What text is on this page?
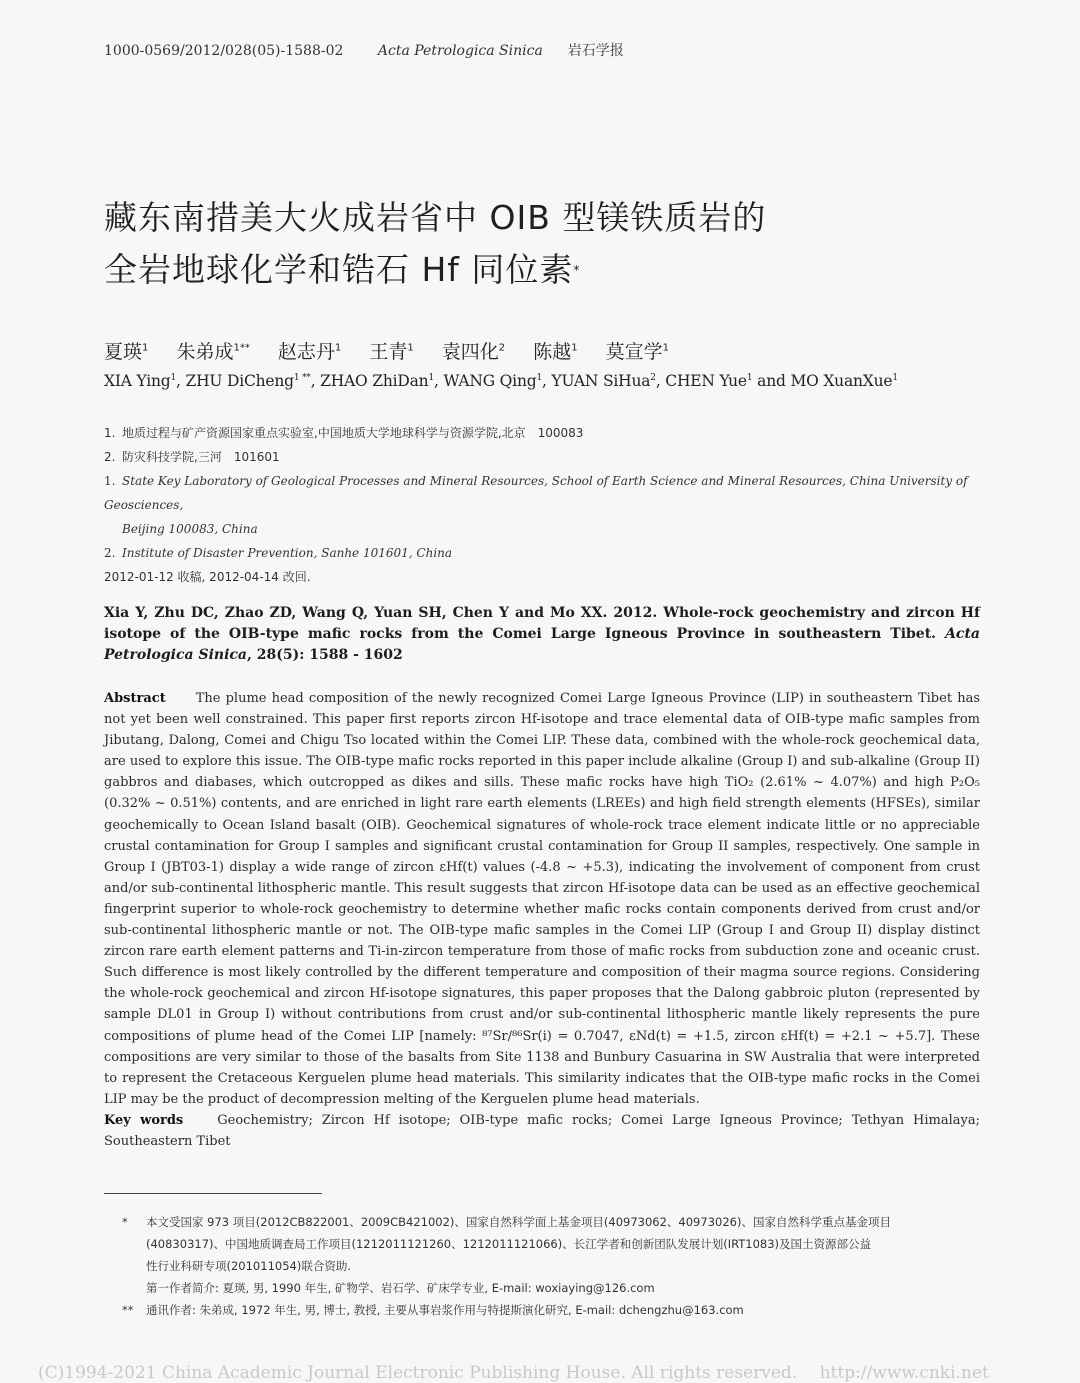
1000-0569/2012/028(05)-1588-02 Acta Petrologica Sinica 岩石学报
藏东南措美大火成岩省中 OIB 型镁铁质岩的
全岩地球化学和锆石 Hf 同位素*
夏瑛$^1$ 朱弟成$^{1**}$ 赵志丹$^1$ 王青$^1$ 袁四化$^2$ 陈越$^1$ 莫宣学$^1$
XIA Ying$^1$, ZHU DiCheng$^{1 **}$, ZHAO ZhiDan$^1$, WANG Qing$^1$, YUAN SiHua$^2$, CHEN Yue$^1$ and MO XuanXue$^1$
1. 地质过程与矿产资源国家重点实验室,中国地质大学地球科学与资源学院,北京　100083
2. 防灾科技学院,三河　101601
1. State Key Laboratory of Geological Processes and Mineral Resources, School of Earth Science and Mineral Resources, China University of Geosciences,
Beijing 100083, China
2. Institute of Disaster Prevention, Sanhe 101601, China
2012-01-12 收稿, 2012-04-14 改回.
Xia Y, Zhu DC, Zhao ZD, Wang Q, Yuan SH, Chen Y and Mo XX. 2012. Whole-rock geochemistry and zircon Hf isotope of the OIB-type mafic rocks from the Comei Large Igneous Province in southeastern Tibet. Acta Petrologica Sinica, 28(5): 1588 - 1602
Abstract The plume head composition of the newly recognized Comei Large Igneous Province (LIP) in southeastern Tibet has not yet been well constrained. This paper first reports zircon Hf-isotope and trace elemental data of OIB-type mafic samples from Jibutang, Dalong, Comei and Chigu Tso located within the Comei LIP. These data, combined with the whole-rock geochemical data, are used to explore this issue. The OIB-type mafic rocks reported in this paper include alkaline (Group I) and sub-alkaline (Group II) gabbros and diabases, which outcropped as dikes and sills. These mafic rocks have high TiO₂ (2.61% ~ 4.07%) and high P₂O₅ (0.32% ~ 0.51%) contents, and are enriched in light rare earth elements (LREEs) and high field strength elements (HFSEs), similar geochemically to Ocean Island basalt (OIB). Geochemical signatures of whole-rock trace element indicate little or no appreciable crustal contamination for Group I samples and significant crustal contamination for Group II samples, respectively. One sample in Group I (JBT03-1) display a wide range of zircon εHf(t) values (-4.8 ~ +5.3), indicating the involvement of component from crust and/or sub-continental lithospheric mantle. This result suggests that zircon Hf-isotope data can be used as an effective geochemical fingerprint superior to whole-rock geochemistry to determine whether mafic rocks contain components derived from crust and/or sub-continental lithospheric mantle or not. The OIB-type mafic samples in the Comei LIP (Group I and Group II) display distinct zircon rare earth element patterns and Ti-in-zircon temperature from those of mafic rocks from subduction zone and oceanic crust. Such difference is most likely controlled by the different temperature and composition of their magma source regions. Considering the whole-rock geochemical and zircon Hf-isotope signatures, this paper proposes that the Dalong gabbroic pluton (represented by sample DL01 in Group I) without contributions from crust and/or sub-continental lithospheric mantle likely represents the pure compositions of plume head of the Comei LIP [namely: ⁸⁷Sr/⁸⁶Sr(i) = 0.7047, εNd(t) = +1.5, zircon εHf(t) = +2.1 ~ +5.7]. These compositions are very similar to those of the basalts from Site 1138 and Bunbury Casuarina in SW Australia that were interpreted to represent the Cretaceous Kerguelen plume head materials. This similarity indicates that the OIB-type mafic rocks in the Comei LIP may be the product of decompression melting of the Kerguelen plume head materials.
Key words	Geochemistry; Zircon Hf isotope; OIB-type mafic rocks; Comei Large Igneous Province; Tethyan Himalaya; Southeastern Tibet
* 本文受国家 973 项目(2012CB822001、2009CB421002)、国家自然科学面上基金项目(40973062、40973026)、国家自然科学重点基金项目
(40830317)、中国地质调查局工作项目(1212011121260、1212011121066)、长江学者和创新团队发展计划(IRT1083)及国土资源部公益
性行业科研专项(201011054)联合资助.
第一作者简介: 夏瑛, 男, 1990 年生, 矿物学、岩石学、矿床学专业, E-mail: woxiaying@126.com
** 通讯作者: 朱弟成, 1972 年生, 男, 博士, 教授, 主要从事岩浆作用与特提斯演化研究, E-mail: dchengzhu@163.com
(C)1994-2021 China Academic Journal Electronic Publishing House. All rights reserved.　 http://www.cnki.net
